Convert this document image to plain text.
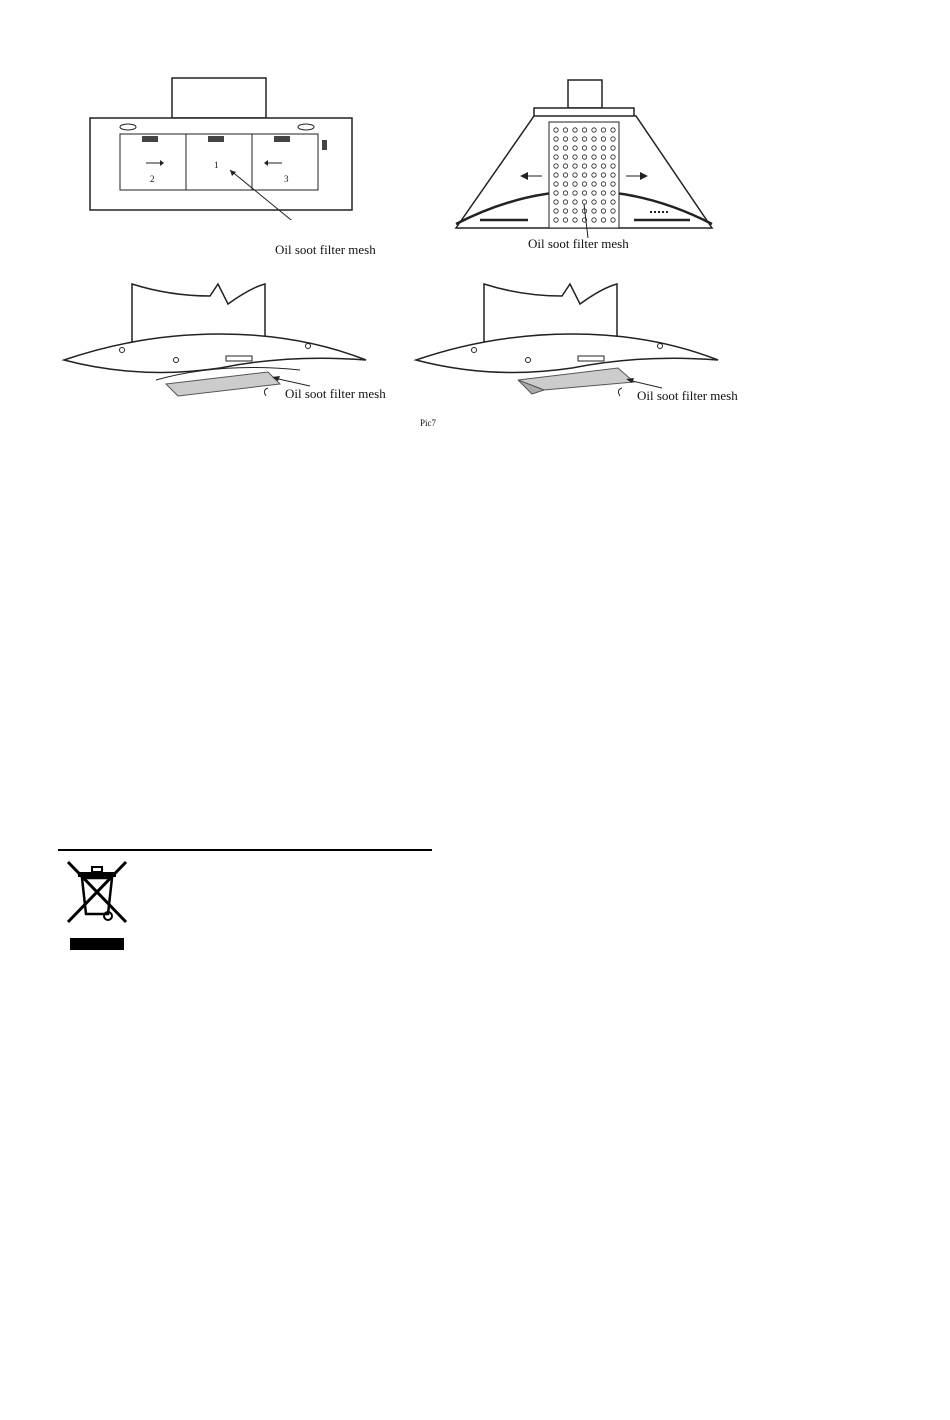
2
1
3
Oil soot filter mesh	Oil soot filter mesh
Oil soot filter mesh	Oil soot filter mesh
Pic7
